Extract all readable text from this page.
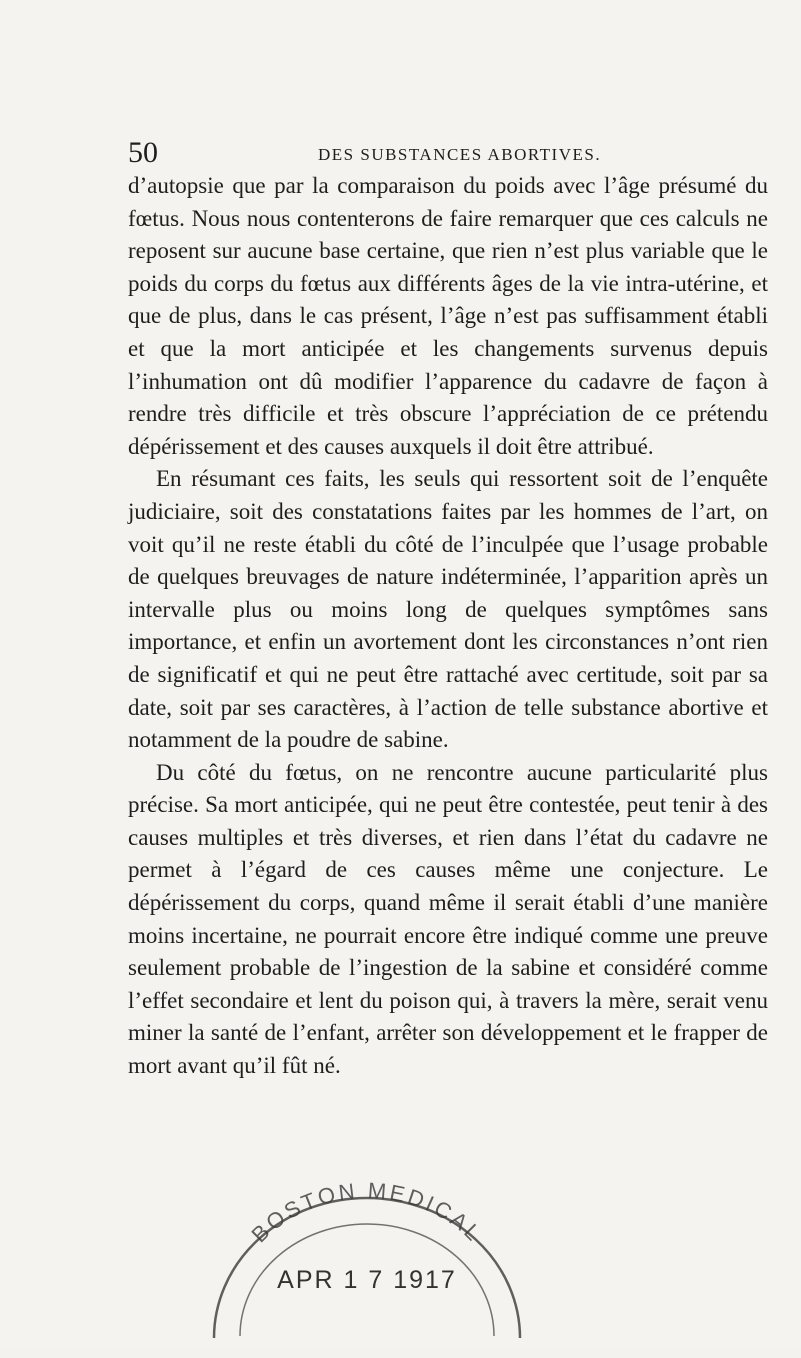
50	DES SUBSTANCES ABORTIVES.

d’autopsie que par la comparaison du poids avec l’âge présumé du fœtus. Nous nous contenterons de faire remarquer que ces calculs ne reposent sur aucune base certaine, que rien n’est plus variable que le poids du corps du fœtus aux différents âges de la vie intra-utérine, et que de plus, dans le cas présent, l’âge n’est pas suffisamment établi et que la mort anticipée et les changements survenus depuis l’inhumation ont dû modifier l’apparence du cadavre de façon à rendre très difficile et très obscure l’appréciation de ce prétendu dépérissement et des causes auxquels il doit être attribué.

En résumant ces faits, les seuls qui ressortent soit de l’enquête judiciaire, soit des constatations faites par les hommes de l’art, on voit qu’il ne reste établi du côté de l’inculpée que l’usage probable de quelques breuvages de nature indéterminée, l’apparition après un intervalle plus ou moins long de quelques symptômes sans importance, et enfin un avortement dont les circonstances n’ont rien de significatif et qui ne peut être rattaché avec certitude, soit par sa date, soit par ses caractères, à l’action de telle substance abortive et notamment de la poudre de sabine.

Du côté du fœtus, on ne rencontre aucune particularité plus précise. Sa mort anticipée, qui ne peut être contestée, peut tenir à des causes multiples et très diverses, et rien dans l’état du cadavre ne permet à l’égard de ces causes même une conjecture. Le dépérissement du corps, quand même il serait établi d’une manière moins incertaine, ne pourrait encore être indiqué comme une preuve seulement probable de l’ingestion de la sabine et considéré comme l’effet secondaire et lent du poison qui, à travers la mère, serait venu miner la santé de l’enfant, arrêter son développement et le frapper de mort avant qu’il fût né.

BOSTON MEDICAL
APR 1 7 1917
